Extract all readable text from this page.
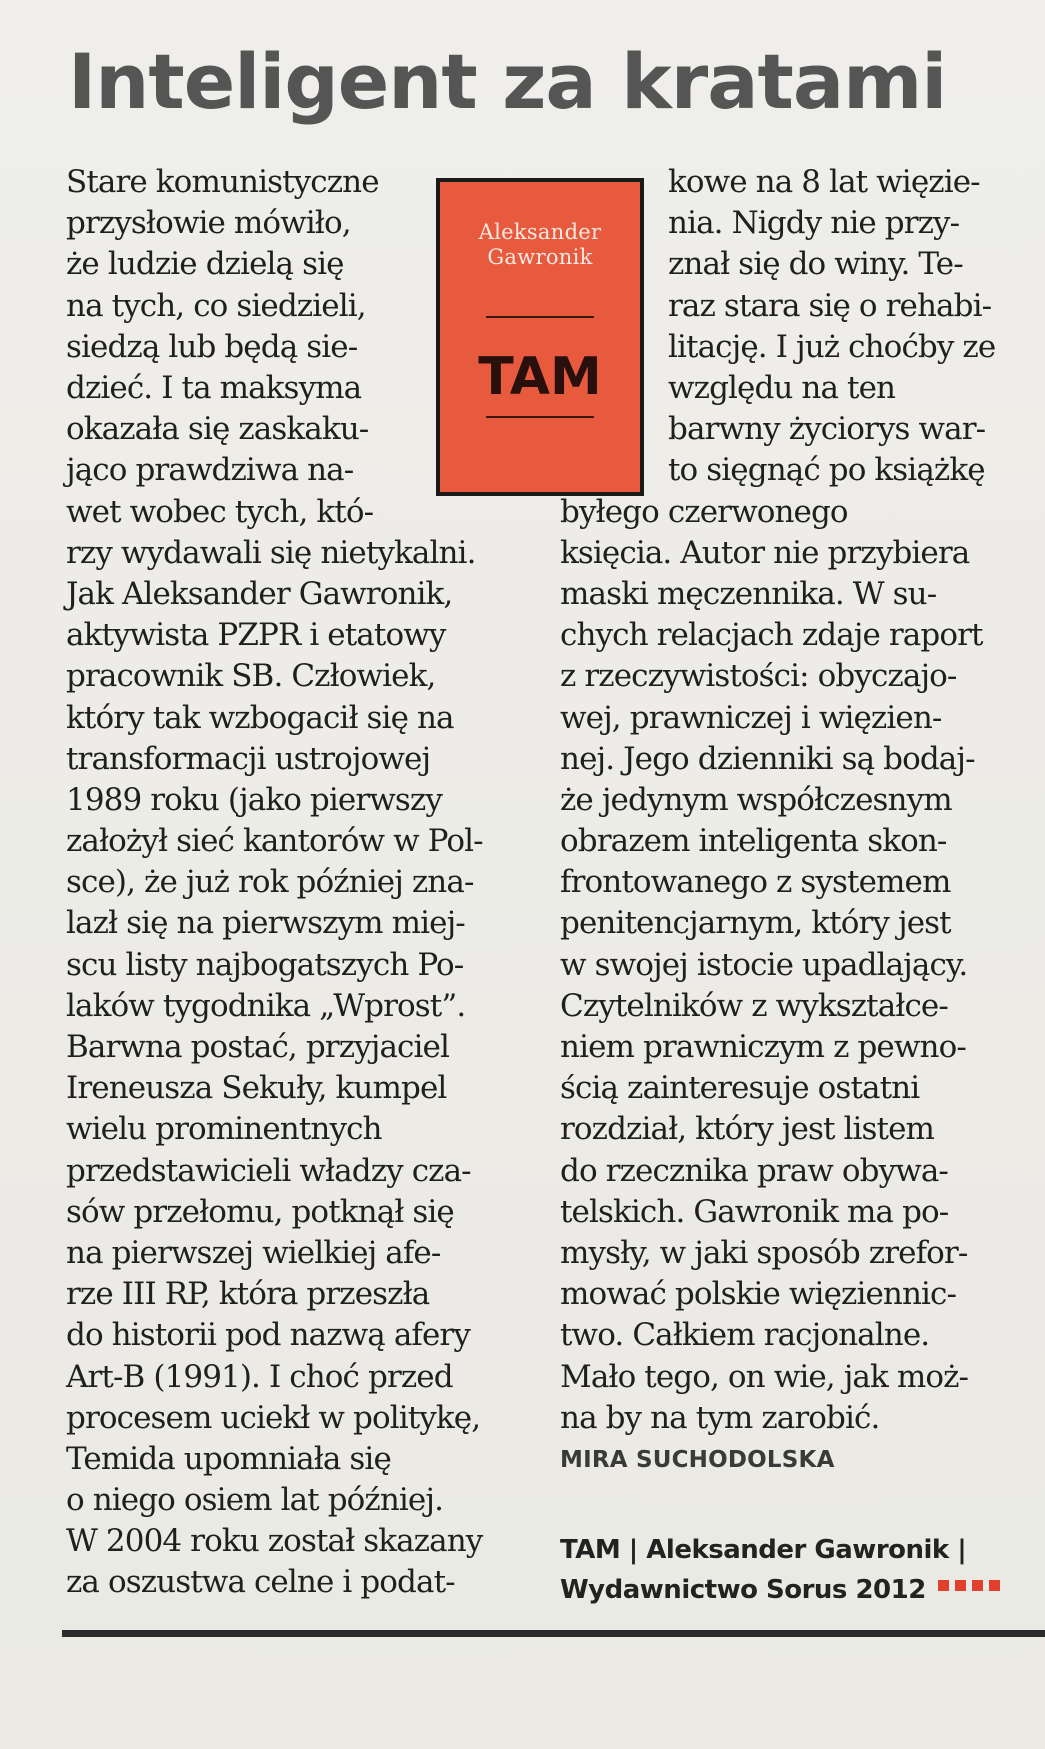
Inteligent za kratami
Stare komunistyczne
przysłowie mówiło,
że ludzie dzielą się
na tych, co siedzieli,
siedzą lub będą sie-
dzieć. I ta maksyma
okazała się zaskaku-
jąco prawdziwa na-
wet wobec tych, któ-
rzy wydawali się nietykalni.
Jak Aleksander Gawronik,
aktywista PZPR i etatowy
pracownik SB. Człowiek,
który tak wzbogacił się na
transformacji ustrojowej
1989 roku (jako pierwszy
założył sieć kantorów w Pol-
sce), że już rok później zna-
lazł się na pierwszym miej-
scu listy najbogatszych Po-
laków tygodnika „Wprost”.
Barwna postać, przyjaciel
Ireneusza Sekuły, kumpel
wielu prominentnych
przedstawicieli władzy cza-
sów przełomu, potknął się
na pierwszej wielkiej afe-
rze III RP, która przeszła
do historii pod nazwą afery
Art-B (1991). I choć przed
procesem uciekł w politykę,
Temida upomniała się
o niego osiem lat później.
W 2004 roku został skazany
za oszustwa celne i podat-
Aleksander
Gawronik
TAM
kowe na 8 lat więzie-
nia. Nigdy nie przy-
znał się do winy. Te-
raz stara się o rehabi-
litację. I już choćby ze
względu na ten
barwny życiorys war-
to sięgnąć po książkę
byłego czerwonego
księcia. Autor nie przybiera
maski męczennika. W su-
chych relacjach zdaje raport
z rzeczywistości: obyczajo-
wej, prawniczej i więzien-
nej. Jego dzienniki są bodaj-
że jedynym współczesnym
obrazem inteligenta skon-
frontowanego z systemem
penitencjarnym, który jest
w swojej istocie upadlający.
Czytelników z wykształce-
niem prawniczym z pewno-
ścią zainteresuje ostatni
rozdział, który jest listem
do rzecznika praw obywa-
telskich. Gawronik ma po-
mysły, w jaki sposób zrefor-
mować polskie więziennic-
two. Całkiem racjonalne.
Mało tego, on wie, jak moż-
na by na tym zarobić.
MIRA SUCHODOLSKA
TAM | Aleksander Gawronik |
Wydawnictwo Sorus 2012
